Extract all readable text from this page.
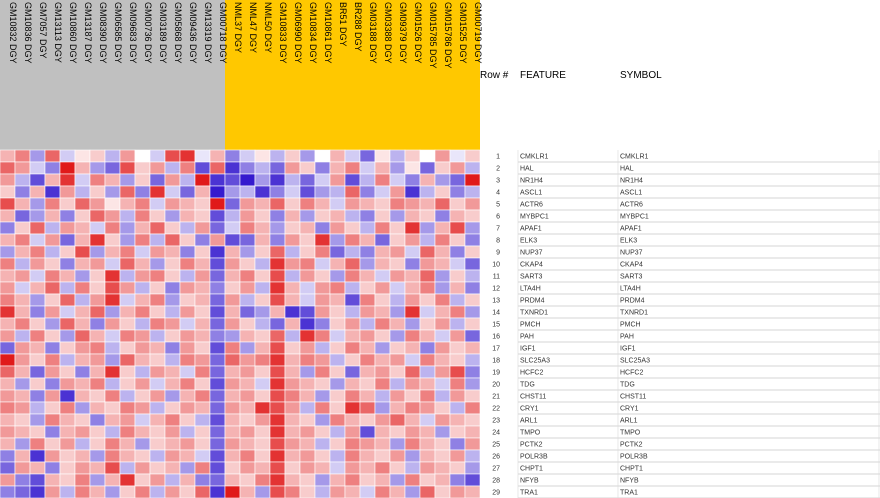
GM10832 DGY GM10836 DGY GM7057 DGY GM13113 DGY GM10860 DGY GM13187 DGY GM08390 DGY GM06585 DGY GM09683 DGY GM00736 DGY GM03189 DGY GM05868 DGY GM09436 DGY GM13319 DGY GM00718 DGY NML37 DGY NML47 DGY NML50 DGY GM10833 DGY GM06990 DGY GM10834 DGY GM10861 DGY BR51 DGY BR288 DGY GM03188 DGY GM03388 DGY GM09379 DGY GM01526 DGY GM015785 DGY GM015786 DGY GM01525 DGY GM00719 DGY
Row # FEATURE	SYMBOL
1	CMKLR1	CMKLR1
2	HAL	HAL
3	NR1H4	NR1H4
4	ASCL1	ASCL1
5	ACTR6	ACTR6
6	MYBPC1	MYBPC1
7	APAF1	APAF1
8	ELK3	ELK3
9	NUP37	NUP37
10	CKAP4	CKAP4
11	SART3	SART3
12	LTA4H	LTA4H
13	PRDM4	PRDM4
14	TXNRD1	TXNRD1
15	PMCH	PMCH
16	PAH	PAH
17	IGF1	IGF1
18	SLC25A3	SLC25A3
19	HCFC2	HCFC2
20	TDG	TDG
21	CHST11	CHST11
22	CRY1	CRY1
23	ARL1	ARL1
24	TMPO	TMPO
25	PCTK2	PCTK2
26	POLR3B	POLR3B
27	CHPT1	CHPT1
28	NFYB	NFYB
29	TRA1	TRA1
